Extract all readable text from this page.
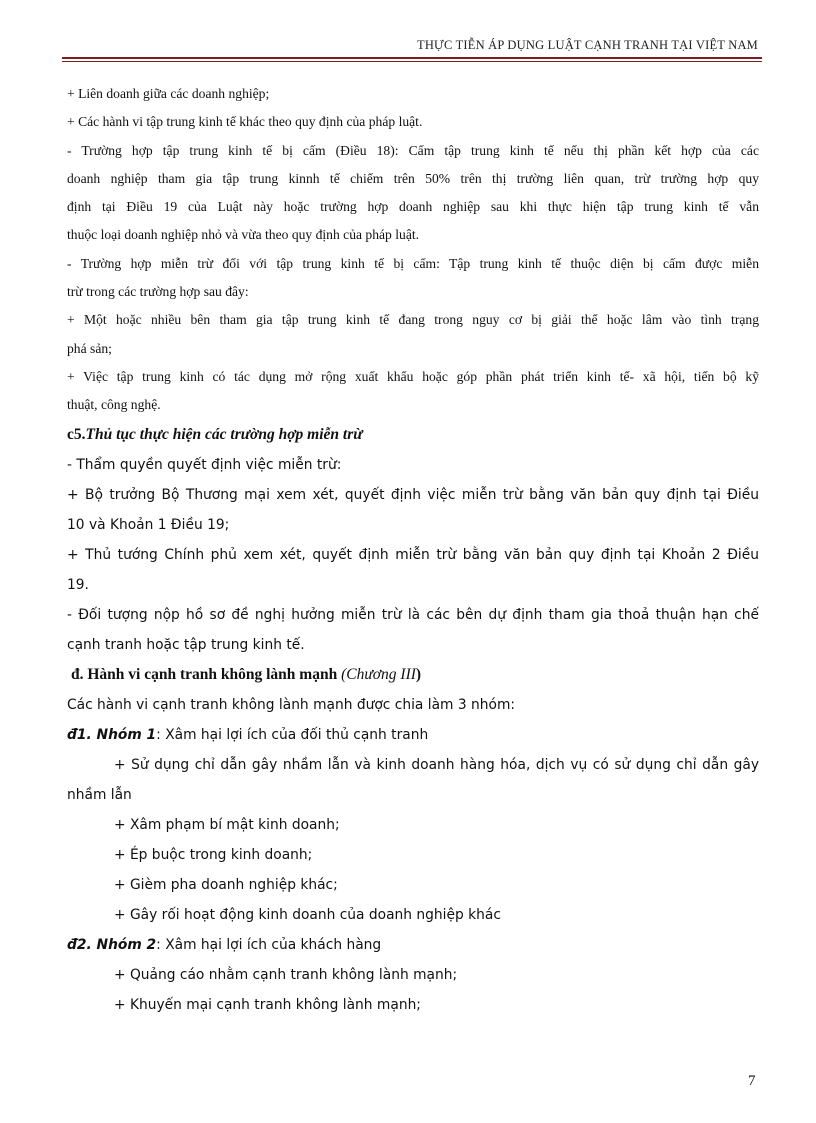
THỰC TIỄN ÁP DỤNG LUẬT CẠNH TRANH TẠI VIỆT NAM
+ Liên doanh giữa các doanh nghiệp;
+ Các hành vi tập trung kinh tế khác theo quy định của pháp luật.
- Trường hợp tập trung kinh tế bị cấm (Điều 18): Cấm tập trung kinh tế nếu thị phần kết hợp của các
doanh nghiệp tham gia tập trung kinnh tế chiếm trên 50% trên thị trường liên quan, trừ trường hợp quy
định tại Điều 19 của Luật này hoặc trường hợp doanh nghiệp sau khi thực hiện tập trung kinh tế vẫn
thuộc loại doanh nghiệp nhỏ và vừa theo quy định của pháp luật.
- Trường hợp miễn trừ đối với tập trung kinh tế bị cấm: Tập trung kinh tế thuộc diện bị cấm được miễn
trừ trong các trường hợp sau đây:
+ Một hoặc nhiều bên tham gia tập trung kinh tế đang trong nguy cơ bị giải thể hoặc lâm vào tình trạng
phá sản;
+ Việc tập trung kinh có tác dụng mở rộng xuất khẩu hoặc góp phần phát triển kinh tế- xã hội, tiến bộ kỹ
thuật, công nghệ.
c5.Thủ tục thực hiện các trường hợp miễn trừ
- Thẩm quyền quyết định việc miễn trừ:
+ Bộ trưởng Bộ Thương mại xem xét, quyết định việc miễn trừ bằng văn bản quy định tại Điều
10 và Khoản 1 Điều 19;
+ Thủ tướng Chính phủ xem xét, quyết định miễn trừ bằng văn bản quy định tại Khoản 2 Điều
19.
- Đối tượng nộp hồ sơ đề nghị hưởng miễn trừ là các bên dự định tham gia thoả thuận hạn chế
cạnh tranh hoặc tập trung kinh tế.
đ. Hành vi cạnh tranh không lành mạnh (Chương III)
Các hành vi cạnh tranh không lành mạnh được chia làm 3 nhóm:
đ1. Nhóm 1: Xâm hại lợi ích của đối thủ cạnh tranh
+ Sử dụng chỉ dẫn gây nhầm lẫn và kinh doanh hàng hóa, dịch vụ có sử dụng chỉ dẫn gây
nhầm lẫn
+ Xâm phạm bí mật kinh doanh;
+ Ép buộc trong kinh doanh;
+ Gièm pha doanh nghiệp khác;
+ Gây rối hoạt động kinh doanh của doanh nghiệp khác
đ2. Nhóm 2: Xâm hại lợi ích của khách hàng
+ Quảng cáo nhằm cạnh tranh không lành mạnh;
+ Khuyến mại cạnh tranh không lành mạnh;
7
